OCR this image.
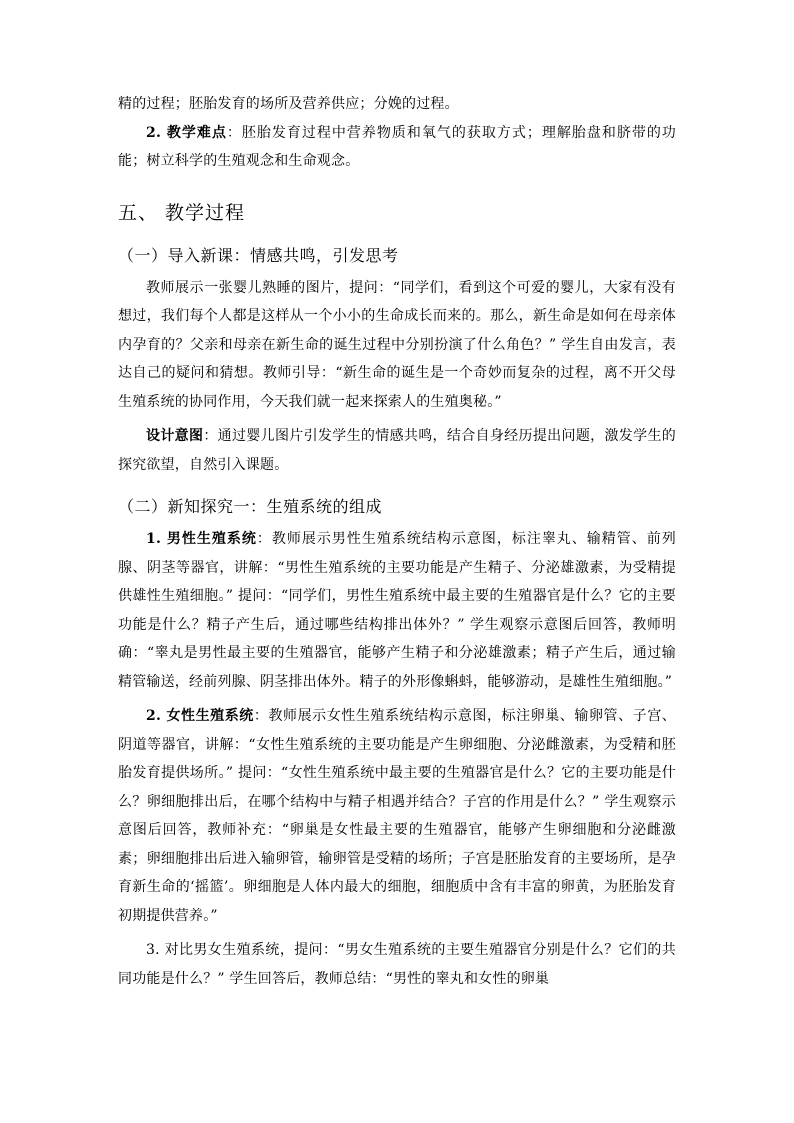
精的过程；胚胎发育的场所及营养供应；分娩的过程。

2. 教学难点：胚胎发育过程中营养物质和氧气的获取方式；理解胎盘和脐带的功能；树立科学的生殖观念和生命观念。

五、 教学过程
（一）导入新课：情感共鸣，引发思考

教师展示一张婴儿熟睡的图片，提问：“同学们，看到这个可爱的婴儿，大家有没有想过，我们每个人都是这样从一个小小的生命成长而来的。那么，新生命是如何在母亲体内孕育的？父亲和母亲在新生命的诞生过程中分别扮演了什么角色？” 学生自由发言，表达自己的疑问和猜想。教师引导：“新生命的诞生是一个奇妙而复杂的过程，离不开父母生殖系统的协同作用，今天我们就一起来探索人的生殖奥秘。”

设计意图：通过婴儿图片引发学生的情感共鸣，结合自身经历提出问题，激发学生的探究欲望，自然引入课题。

（二）新知探究一：生殖系统的组成

1. 男性生殖系统：教师展示男性生殖系统结构示意图，标注睾丸、输精管、前列腺、阴茎等器官，讲解：“男性生殖系统的主要功能是产生精子、分泌雄激素，为受精提供雄性生殖细胞。” 提问：“同学们，男性生殖系统中最主要的生殖器官是什么？它的主要功能是什么？精子产生后，通过哪些结构排出体外？” 学生观察示意图后回答，教师明确：“睾丸是男性最主要的生殖器官，能够产生精子和分泌雄激素；精子产生后，通过输精管输送，经前列腺、阴茎排出体外。精子的外形像蝌蚪，能够游动，是雄性生殖细胞。”

2. 女性生殖系统：教师展示女性生殖系统结构示意图，标注卵巢、输卵管、子宫、阴道等器官，讲解：“女性生殖系统的主要功能是产生卵细胞、分泌雌激素，为受精和胚胎发育提供场所。” 提问：“女性生殖系统中最主要的生殖器官是什么？它的主要功能是什么？卵细胞排出后，在哪个结构中与精子相遇并结合？子宫的作用是什么？” 学生观察示意图后回答，教师补充：“卵巢是女性最主要的生殖器官，能够产生卵细胞和分泌雌激素；卵细胞排出后进入输卵管，输卵管是受精的场所；子宫是胚胎发育的主要场所，是孕育新生命的‘摇篮’。卵细胞是人体内最大的细胞，细胞质中含有丰富的卵黄，为胚胎发育初期提供营养。”

3. 对比男女生殖系统，提问：“男女生殖系统的主要生殖器官分别是什么？它们的共同功能是什么？” 学生回答后，教师总结：“男性的睾丸和女性的卵巢
